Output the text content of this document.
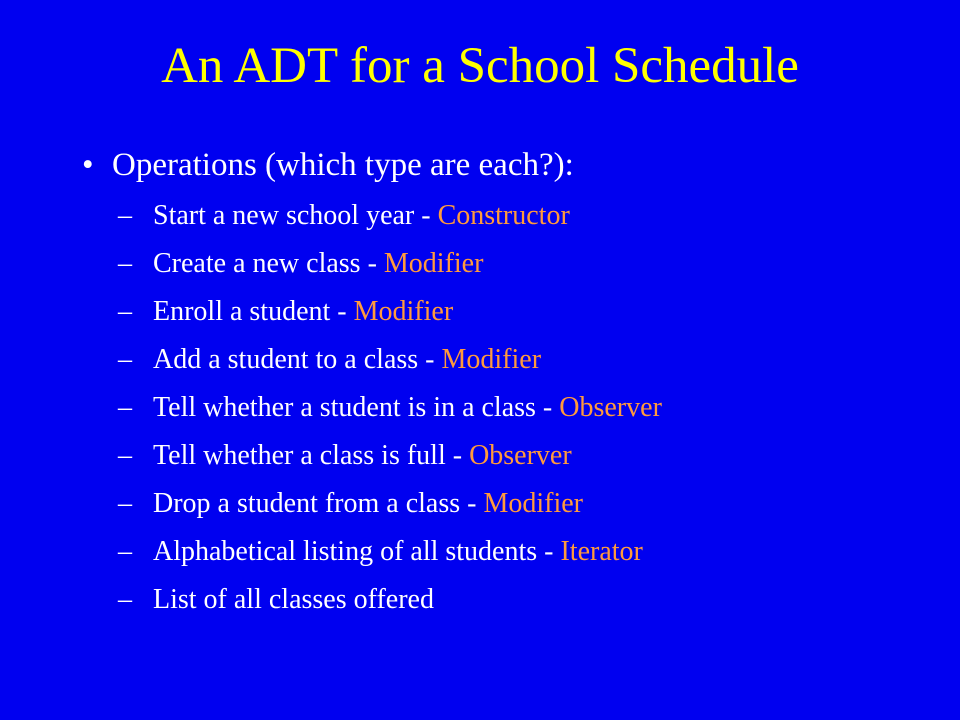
An ADT for a School Schedule
• Operations (which type are each?):
– Start a new school year - Constructor
– Create a new class - Modifier
– Enroll a student - Modifier
– Add a student to a class - Modifier
– Tell whether a student is in a class - Observer
– Tell whether a class is full - Observer
– Drop a student from a class - Modifier
– Alphabetical listing of all students - Iterator
– List of all classes offered
